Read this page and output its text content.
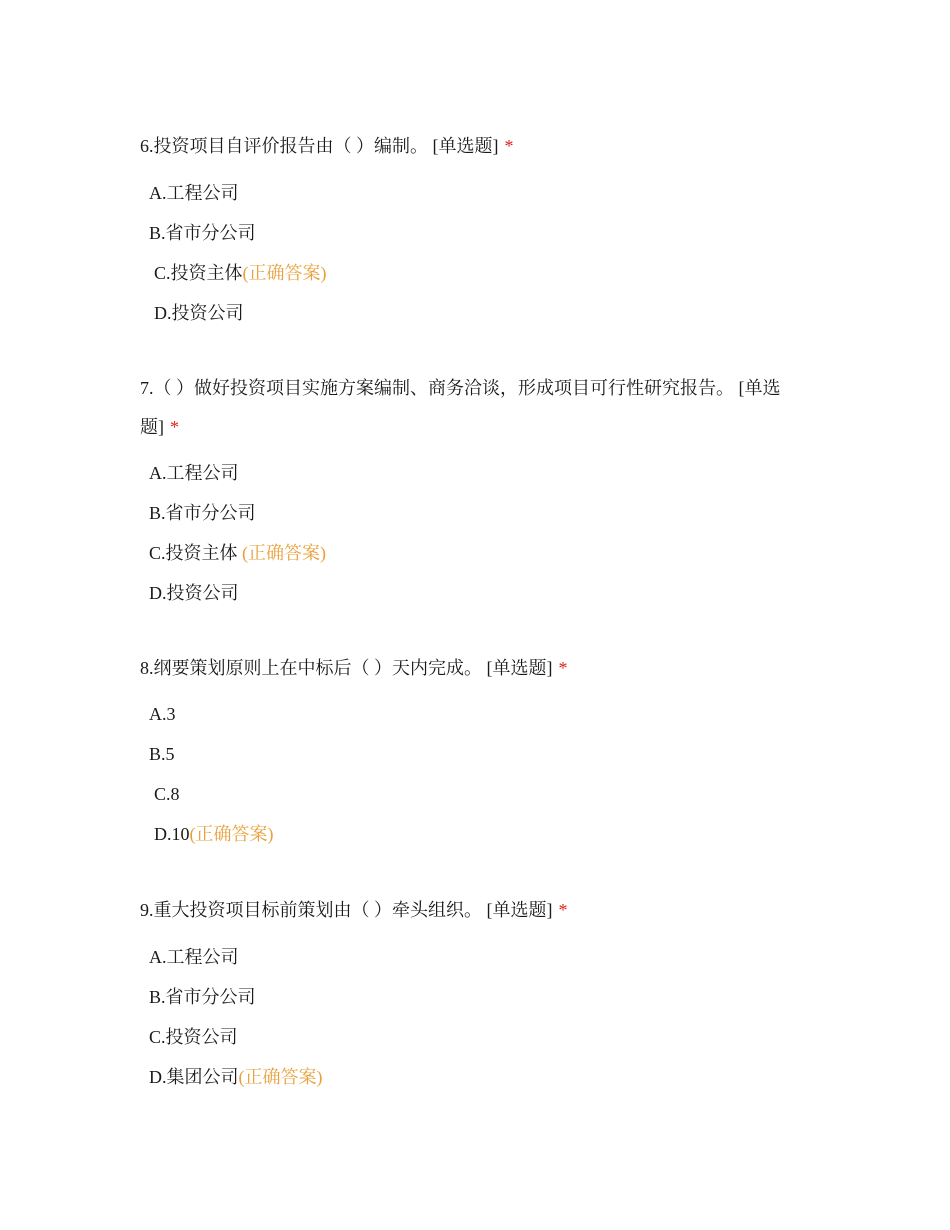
6.投资项目自评价报告由（ ）编制。 [单选题] *
A.工程公司
B.省市分公司
C.投资主体(正确答案)
D.投资公司
7.（ ）做好投资项目实施方案编制、商务洽谈，形成项目可行性研究报告。 [单选题] *
A.工程公司
B.省市分公司
C.投资主体 (正确答案)
D.投资公司
8.纲要策划原则上在中标后（ ）天内完成。 [单选题] *
A.3
B.5
C.8
D.10(正确答案)
9.重大投资项目标前策划由（ ）牵头组织。 [单选题] *
A.工程公司
B.省市分公司
C.投资公司
D.集团公司(正确答案)
